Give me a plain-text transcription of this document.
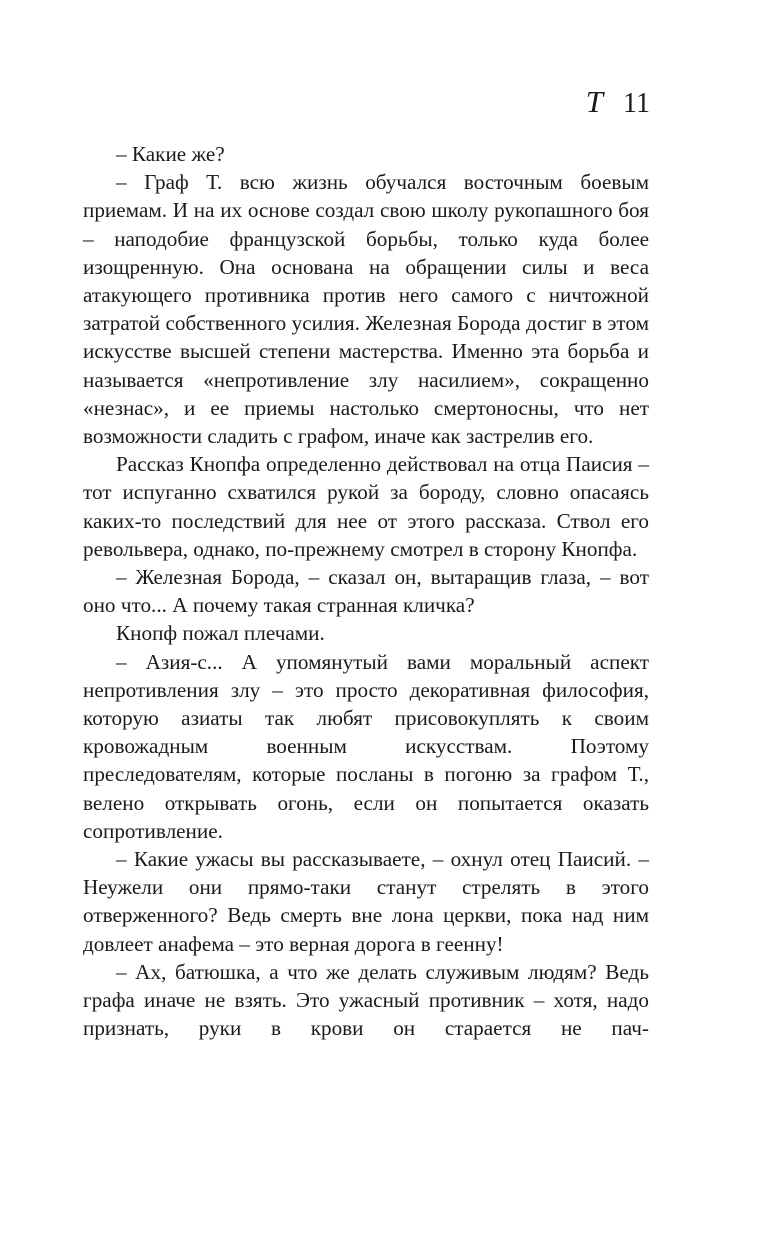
T 11

– Какие же?

– Граф Т. всю жизнь обучался восточным боевым приемам. И на их основе создал свою школу рукопашного боя – наподобие французской борьбы, только куда более изощренную. Она основана на обращении силы и веса атакующего противника против него самого с ничтожной затратой собственного усилия. Железная Борода достиг в этом искусстве высшей степени мастерства. Именно эта борьба и называется «непротивление злу насилием», сокращенно «незнас», и ее приемы настолько смертоносны, что нет возможности сладить с графом, иначе как застрелив его.

Рассказ Кнопфа определенно действовал на отца Паисия – тот испуганно схватился рукой за бороду, словно опасаясь каких-то последствий для нее от этого рассказа. Ствол его револьвера, однако, по-прежнему смотрел в сторону Кнопфа.

– Железная Борода, – сказал он, вытаращив глаза, – вот оно что... А почему такая странная кличка?

Кнопф пожал плечами.

– Азия-с... А упомянутый вами моральный аспект непротивления злу – это просто декоративная философия, которую азиаты так любят присовокуплять к своим кровожадным военным искусствам. Поэтому преследователям, которые посланы в погоню за графом Т., велено открывать огонь, если он попытается оказать сопротивление.

– Какие ужасы вы рассказываете, – охнул отец Паисий. – Неужели они прямо-таки станут стрелять в этого отверженного? Ведь смерть вне лона церкви, пока над ним довлеет анафема – это верная дорога в геенну!

– Ах, батюшка, а что же делать служивым людям? Ведь графа иначе не взять. Это ужасный противник – хотя, надо признать, руки в крови он старается не пач-
